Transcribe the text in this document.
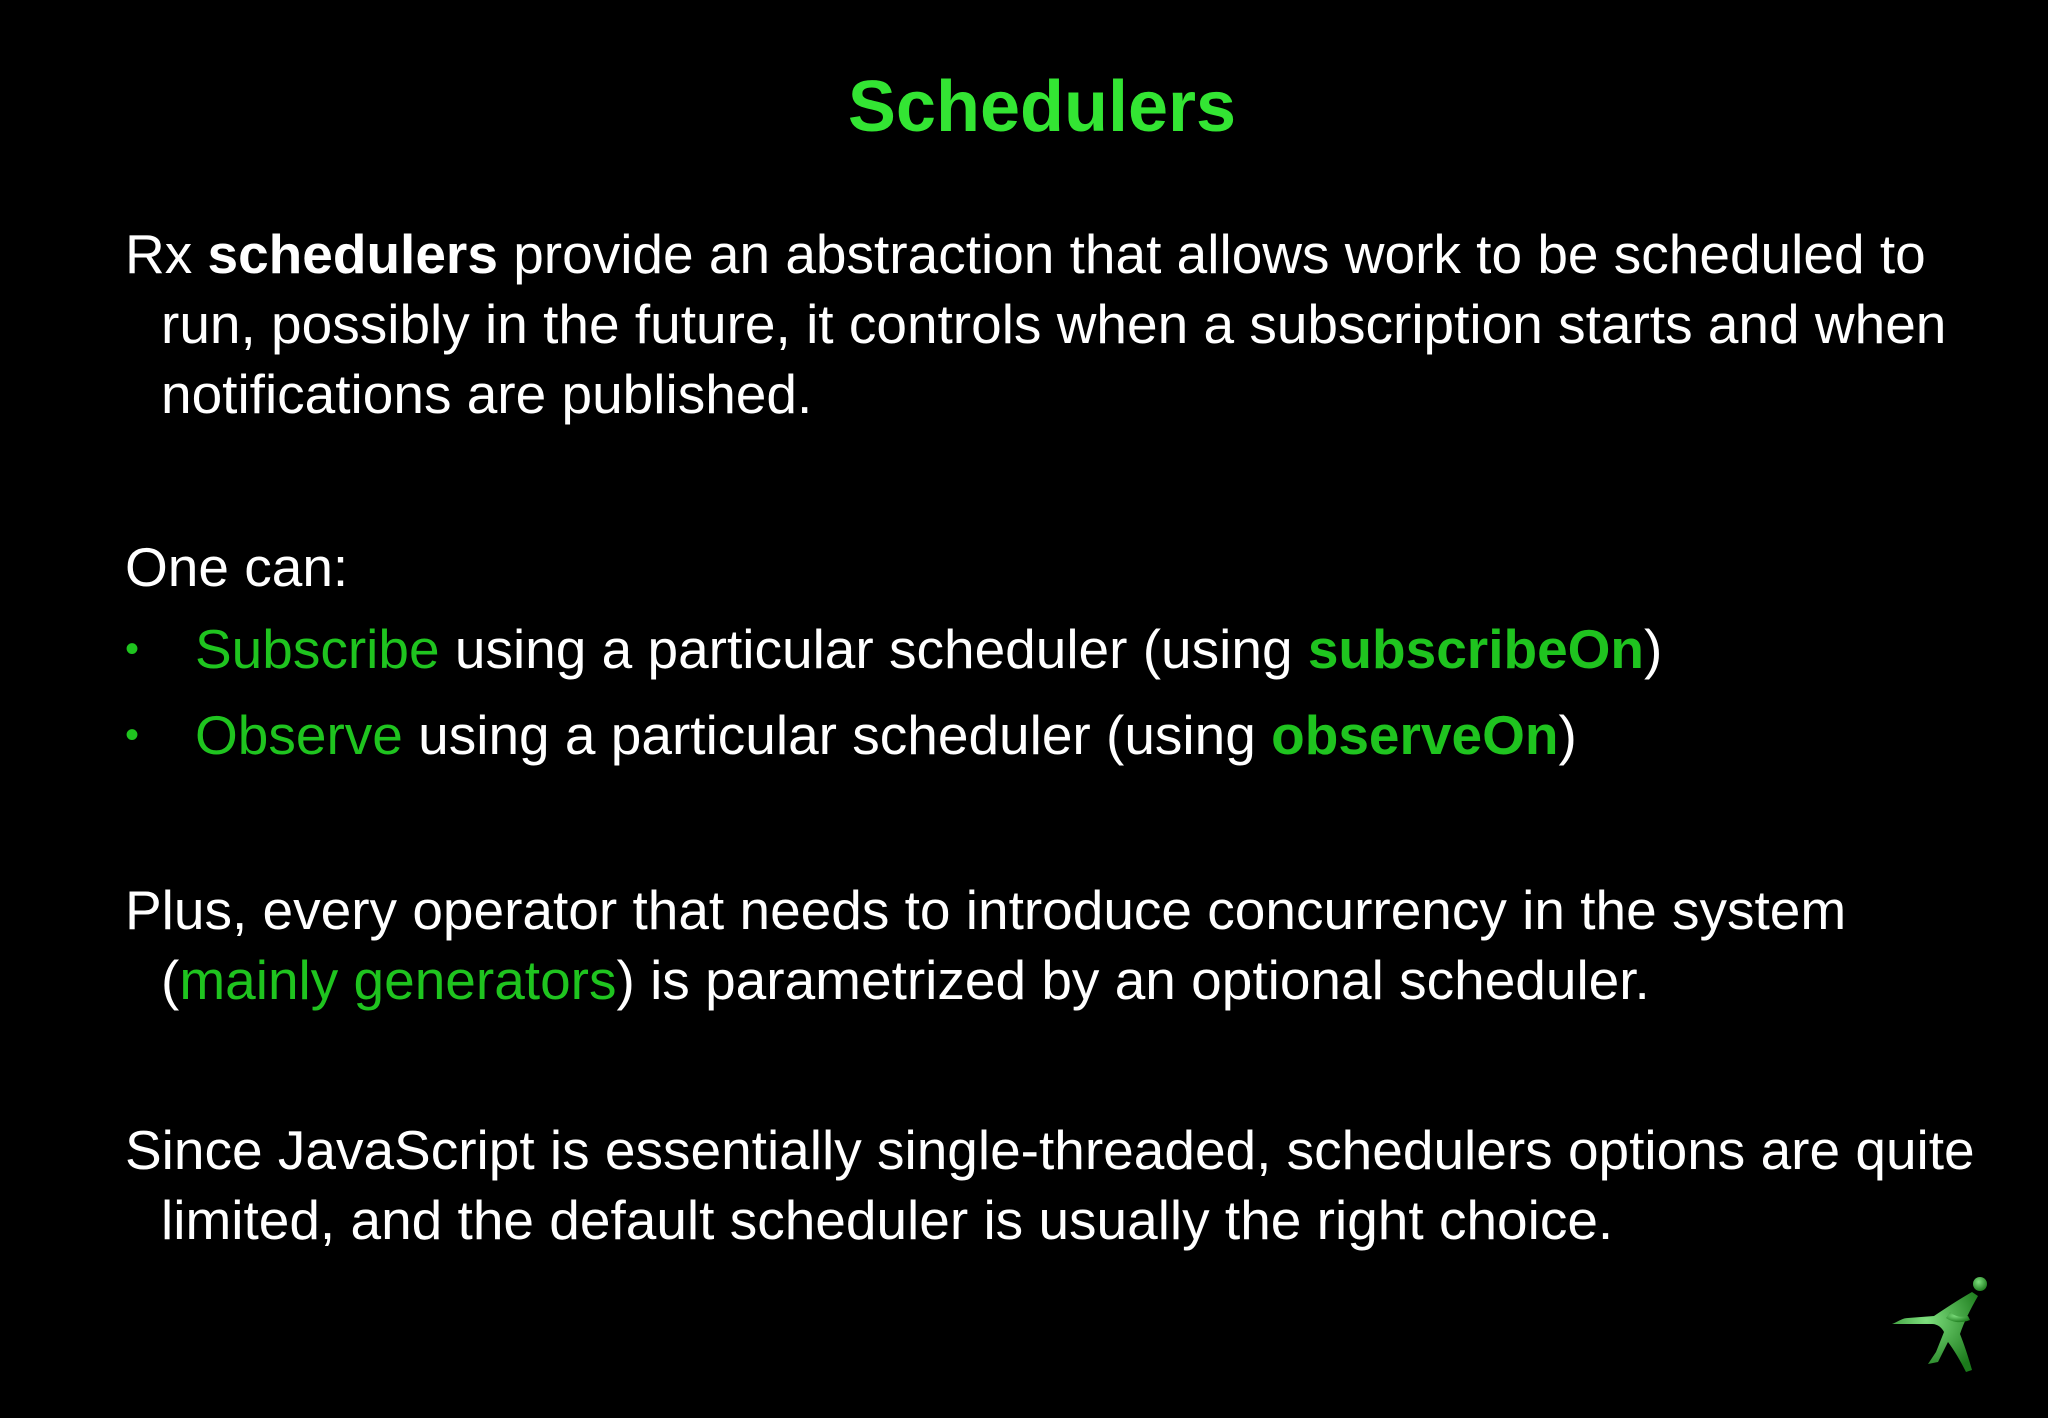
Schedulers

Rx schedulers provide an abstraction that allows work to be scheduled to run, possibly in the future, it controls when a subscription starts and when notifications are published.

One can:

• Subscribe using a particular scheduler (using subscribeOn)
• Observe using a particular scheduler (using observeOn)

Plus, every operator that needs to introduce concurrency in the system (mainly generators) is parametrized by an optional scheduler.

Since JavaScript is essentially single-threaded, schedulers options are quite limited, and the default scheduler is usually the right choice.
